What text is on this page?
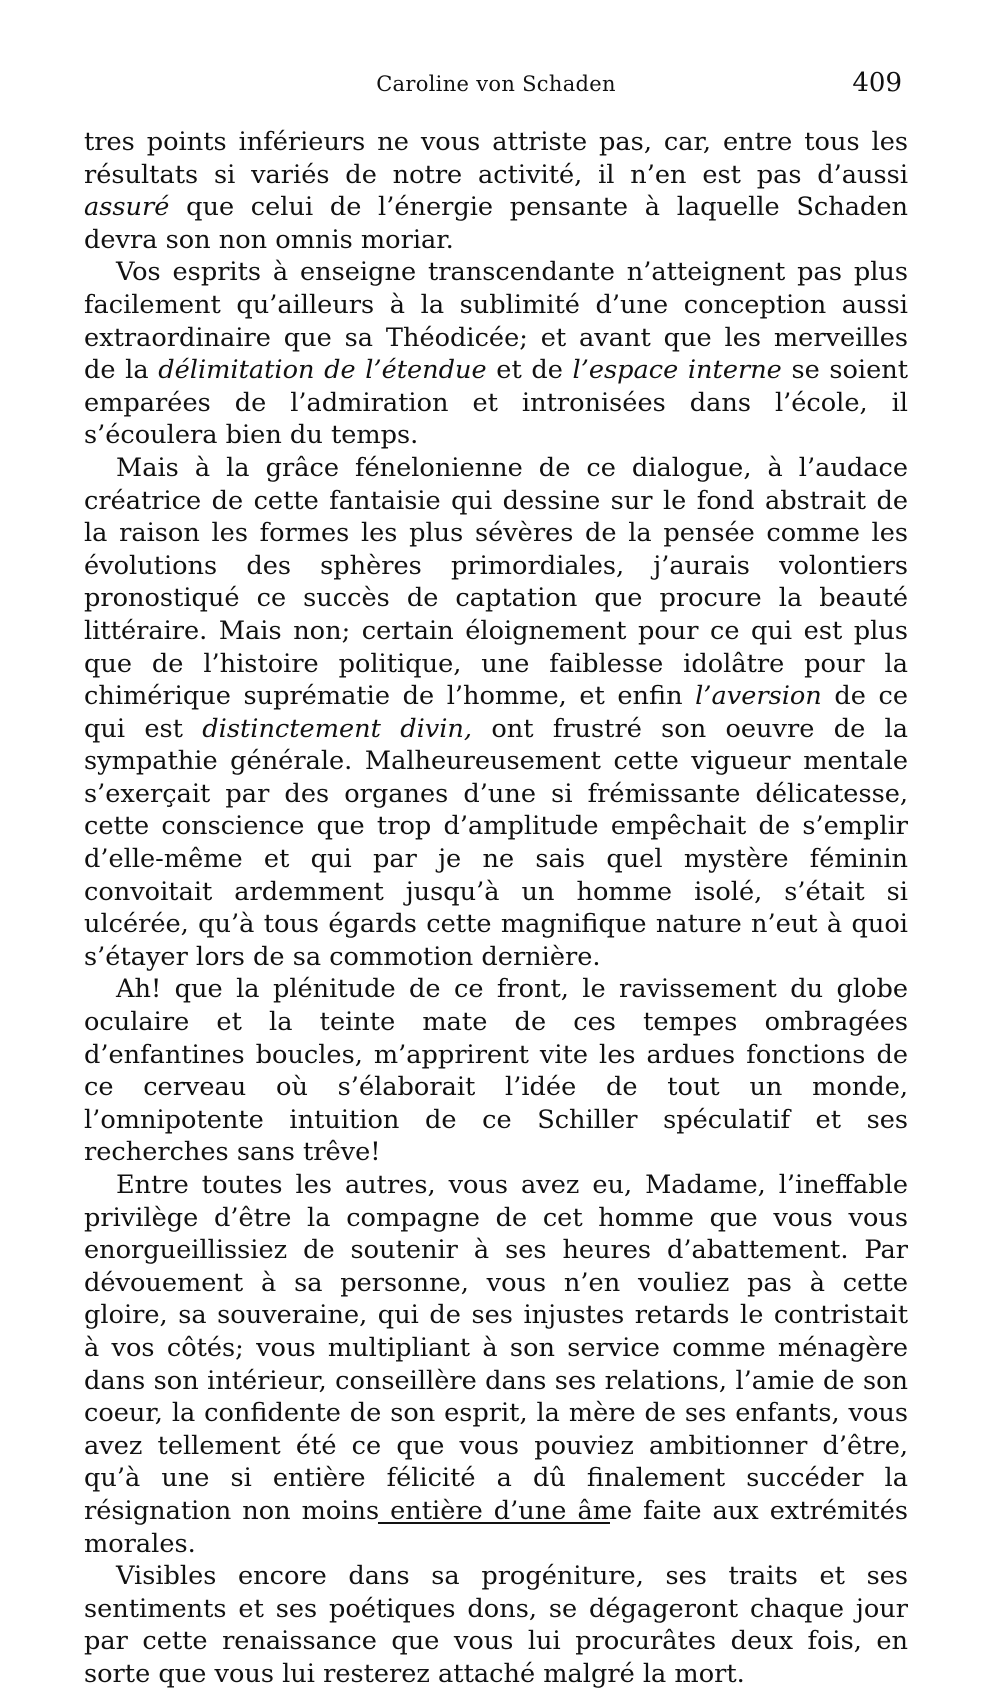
Caroline von Schaden	409

tres points inférieurs ne vous attriste pas, car, entre tous les résultats si variés de notre activité, il n’en est pas d’aussi assuré que celui de l’énergie pensante à laquelle Schaden devra son non omnis moriar.

Vos esprits à enseigne transcendante n’atteignent pas plus facilement qu’ailleurs à la sublimité d’une conception aussi extraordinaire que sa Théodicée; et avant que les merveilles de la délimitation de l’étendue et de l’espace interne se soient emparées de l’admiration et intronisées dans l’école, il s’écoulera bien du temps.

Mais à la grâce fénelonienne de ce dialogue, à l’audace créatrice de cette fantaisie qui dessine sur le fond abstrait de la raison les formes les plus sévères de la pensée comme les évolutions des sphères primordiales, j’aurais volontiers pronostiqué ce succès de captation que procure la beauté littéraire. Mais non; certain éloignement pour ce qui est plus que de l’histoire politique, une faiblesse idolâtre pour la chimérique suprématie de l’homme, et enfin l’aversion de ce qui est distinctement divin, ont frustré son oeuvre de la sympathie générale. Malheureusement cette vigueur mentale s’exerçait par des organes d’une si frémissante délicatesse, cette conscience que trop d’amplitude empêchait de s’emplir d’elle-même et qui par je ne sais quel mystère féminin convoitait ardemment jusqu’à un homme isolé, s’était si ulcérée, qu’à tous égards cette magnifique nature n’eut à quoi s’étayer lors de sa commotion dernière.

Ah! que la plénitude de ce front, le ravissement du globe oculaire et la teinte mate de ces tempes ombragées d’enfantines boucles, m’apprirent vite les ardues fonctions de ce cerveau où s’élaborait l’idée de tout un monde, l’omnipotente intuition de ce Schiller spéculatif et ses recherches sans trêve!

Entre toutes les autres, vous avez eu, Madame, l’ineffable privilège d’être la compagne de cet homme que vous vous enorgueillissiez de soutenir à ses heures d’abattement. Par dévouement à sa personne, vous n’en vouliez pas à cette gloire, sa souveraine, qui de ses injustes retards le contristait à vos côtés; vous multipliant à son service comme ménagère dans son intérieur, conseillère dans ses relations, l’amie de son coeur, la confidente de son esprit, la mère de ses enfants, vous avez tellement été ce que vous pouviez ambitionner d’être, qu’à une si entière félicité a dû finalement succéder la résignation non moins entière d’une âme faite aux extrémités morales.

Visibles encore dans sa progéniture, ses traits et ses sentiments et ses poétiques dons, se dégageront chaque jour par cette renaissance que vous lui procurâtes deux fois, en sorte que vous lui resterez attaché malgré la mort.
